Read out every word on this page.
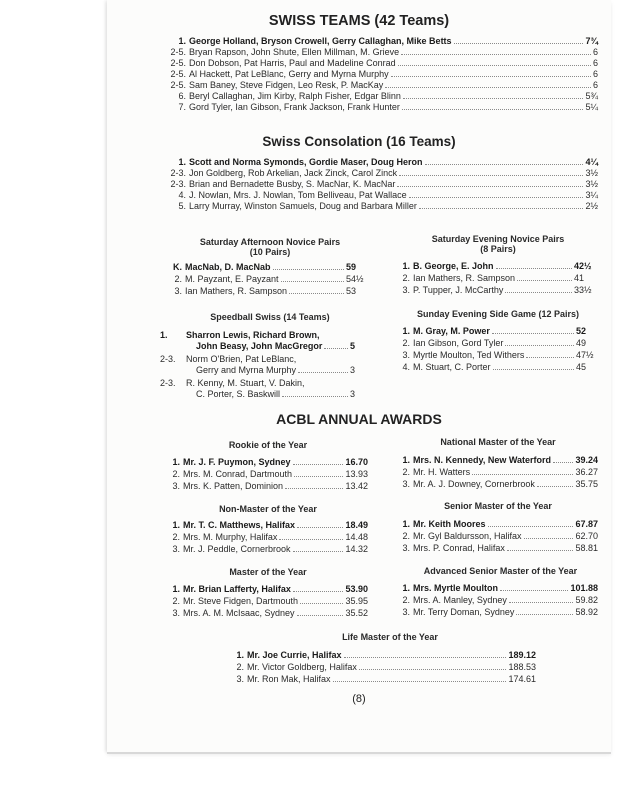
SWISS TEAMS (42 Teams)
1. George Holland, Bryson Crowell, Gerry Callaghan, Mike Betts	7¾
2-5. Bryan Rapson, John Shute, Ellen Millman, M. Grieve	6
2-5. Don Dobson, Pat Harris, Paul and Madeline Conrad	6
2-5. Al Hackett, Pat LeBlanc, Gerry and Myrna Murphy	6
2-5. Sam Baney, Steve Fidgen, Leo Resk, P. MacKay	6
6. Beryl Callaghan, Jim Kirby, Ralph Fisher, Edgar Blinn	5¾
7. Gord Tyler, Ian Gibson, Frank Jackson, Frank Hunter	5¼
Swiss Consolation (16 Teams)
1. Scott and Norma Symonds, Gordie Maser, Doug Heron	4¼
2-3. Jon Goldberg, Rob Arkelian, Jack Zinck, Carol Zinck	3½
2-3. Brian and Bernadette Busby, S. MacNar, K. MacNar	3½
4. J. Nowlan, Mrs. J. Nowlan, Tom Belliveau, Pat Wallace	3¼
5. Larry Murray, Winston Samuels, Doug and Barbara Miller	2½
Saturday Afternoon Novice Pairs
(10 Pairs)
K. MacNab, D. MacNab	59
2. M. Payzant, E. Payzant	54½
3. Ian Mathers, R. Sampson	53
Saturday Evening Novice Pairs
(8 Pairs)
1. B. George, E. John	42½
2. Ian Mathers, R. Sampson	41
3. P. Tupper, J. McCarthy	33½
Speedball Swiss (14 Teams)
1. Sharron Lewis, Richard Brown,
John Beasy, John MacGregor	5
2-3. Norm O'Brien, Pat LeBlanc,
Gerry and Myrna Murphy	3
2-3. R. Kenny, M. Stuart, V. Dakin,
C. Porter, S. Baskwill	3
Sunday Evening Side Game (12 Pairs)
1. M. Gray, M. Power	52
2. Ian Gibson, Gord Tyler	49
3. Myrtle Moulton, Ted Withers	47½
4. M. Stuart, C. Porter	45
ACBL ANNUAL AWARDS
Rookie of the Year
1. Mr. J. F. Puymon, Sydney	16.70
2. Mrs. M. Conrad, Dartmouth	13.93
3. Mrs. K. Patten, Dominion	13.42
National Master of the Year
1. Mrs. N. Kennedy, New Waterford	39.24
2. Mr. H. Watters	36.27
3. Mr. A. J. Downey, Cornerbrook	35.75
Non-Master of the Year
1. Mr. T. C. Matthews, Halifax	18.49
2. Mrs. M. Murphy, Halifax	14.48
3. Mr. J. Peddle, Cornerbrook	14.32
Senior Master of the Year
1. Mr. Keith Moores	67.87
2. Mr. Gyl Baldursson, Halifax	62.70
3. Mrs. P. Conrad, Halifax	58.81
Master of the Year
1. Mr. Brian Lafferty, Halifax	53.90
2. Mr. Steve Fidgen, Dartmouth	35.95
3. Mrs. A. M. McIsaac, Sydney	35.52
Advanced Senior Master of the Year
1. Mrs. Myrtle Moulton	101.88
2. Mrs. A. Manley, Sydney	59.82
3. Mr. Terry Doman, Sydney	58.92
Life Master of the Year
1. Mr. Joe Currie, Halifax	189.12
2. Mr. Victor Goldberg, Halifax	188.53
3. Mr. Ron Mak, Halifax	174.61
(8)
